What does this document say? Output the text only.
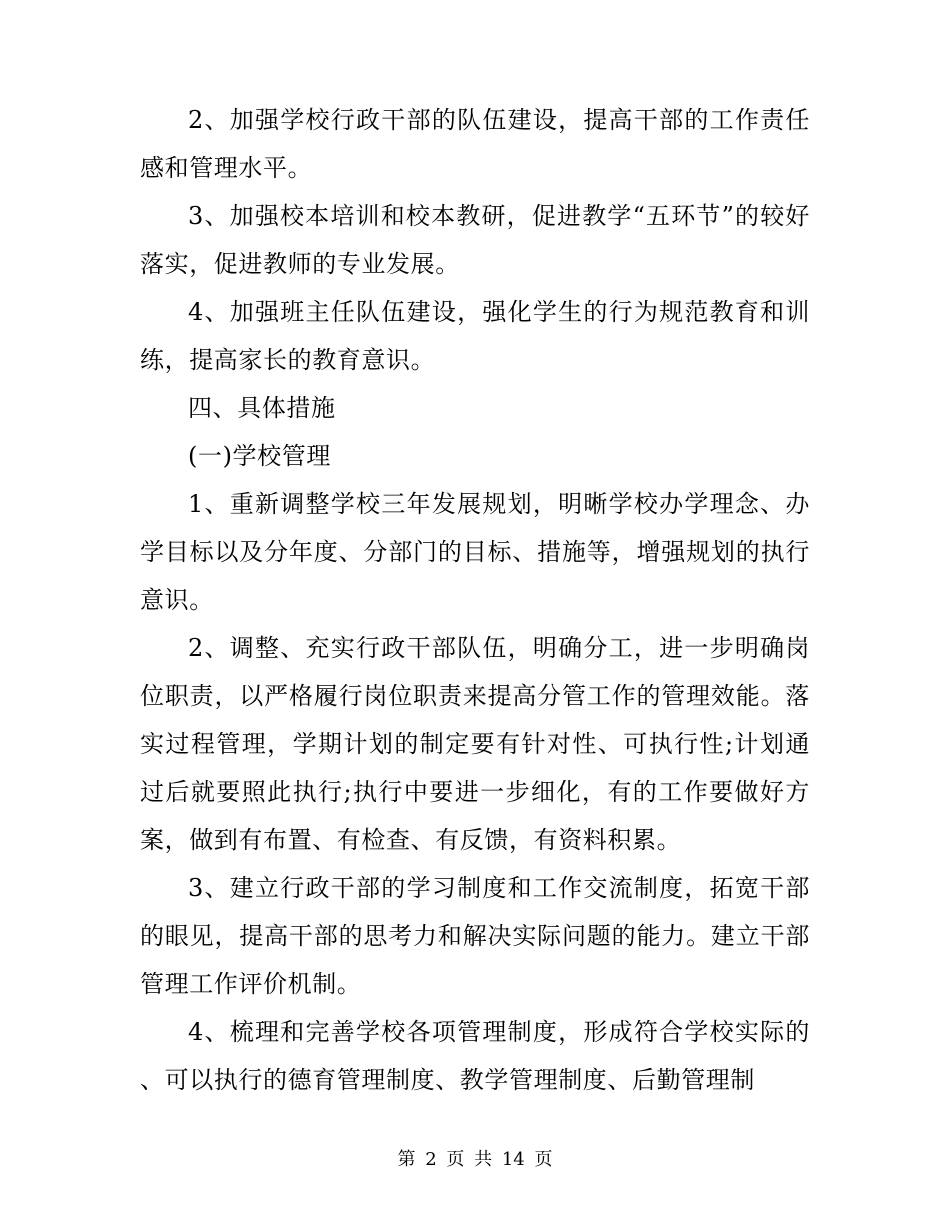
2、加强学校行政干部的队伍建设，提高干部的工作责任感和管理水平。

3、加强校本培训和校本教研，促进教学“五环节”的较好落实，促进教师的专业发展。

4、加强班主任队伍建设，强化学生的行为规范教育和训练，提高家长的教育意识。

四、具体措施

(一)学校管理

1、重新调整学校三年发展规划，明晰学校办学理念、办学目标以及分年度、分部门的目标、措施等，增强规划的执行意识。

2、调整、充实行政干部队伍，明确分工，进一步明确岗位职责，以严格履行岗位职责来提高分管工作的管理效能。落实过程管理，学期计划的制定要有针对性、可执行性;计划通过后就要照此执行;执行中要进一步细化，有的工作要做好方案，做到有布置、有检查、有反馈，有资料积累。

3、建立行政干部的学习制度和工作交流制度，拓宽干部的眼见，提高干部的思考力和解决实际问题的能力。建立干部管理工作评价机制。

4、梳理和完善学校各项管理制度，形成符合学校实际的、可以执行的德育管理制度、教学管理制度、后勤管理制

第 2 页 共 14 页
